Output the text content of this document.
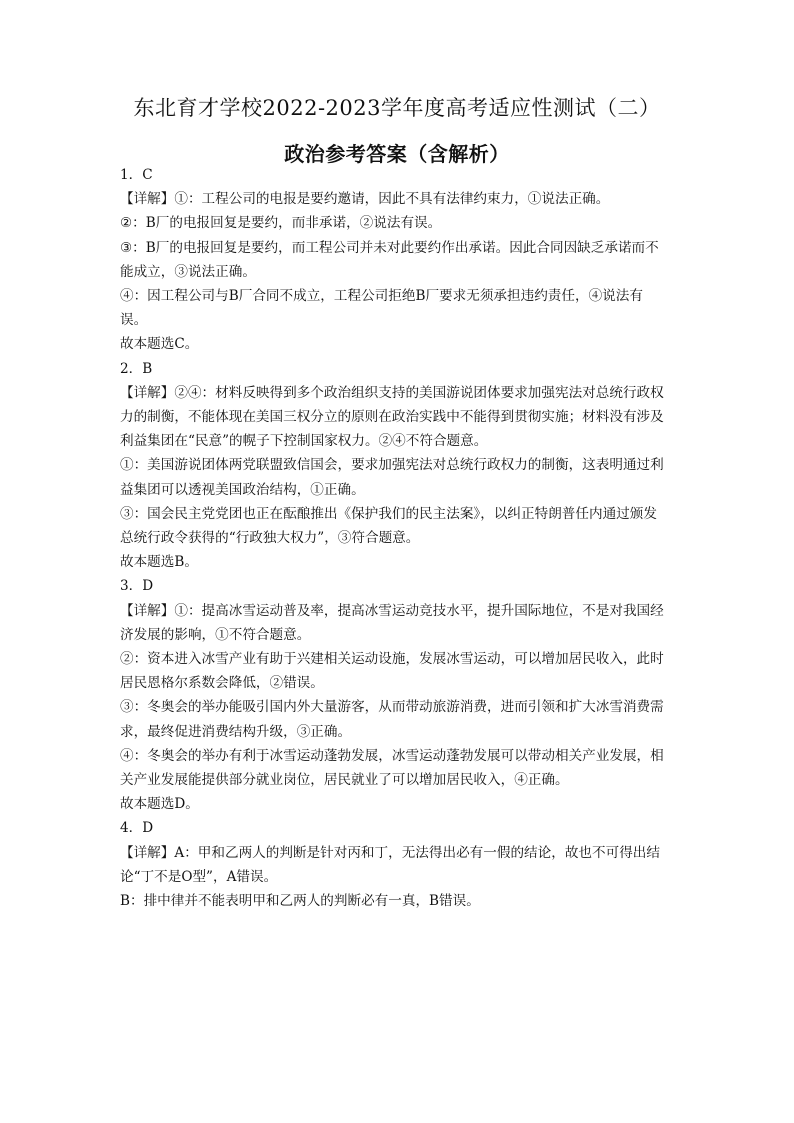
东北育才学校2022-2023学年度高考适应性测试（二）
政治参考答案（含解析）
1．C
【详解】①：工程公司的电报是要约邀请，因此不具有法律约束力，①说法正确。
②：B厂的电报回复是要约，而非承诺，②说法有误。
③：B厂的电报回复是要约，而工程公司并未对此要约作出承诺。因此合同因缺乏承诺而不
能成立，③说法正确。
④：因工程公司与B厂合同不成立，工程公司拒绝B厂要求无须承担违约责任，④说法有
误。
故本题选C。
2．B
【详解】②④：材料反映得到多个政治组织支持的美国游说团体要求加强宪法对总统行政权
力的制衡，不能体现在美国三权分立的原则在政治实践中不能得到贯彻实施；材料没有涉及
利益集团在“民意”的幌子下控制国家权力。②④不符合题意。
①：美国游说团体两党联盟致信国会，要求加强宪法对总统行政权力的制衡，这表明通过利
益集团可以透视美国政治结构，①正确。
③：国会民主党党团也正在酝酿推出《保护我们的民主法案》，以纠正特朗普任内通过颁发
总统行政令获得的“行政独大权力”，③符合题意。
故本题选B。
3．D
【详解】①：提高冰雪运动普及率，提高冰雪运动竞技水平，提升国际地位，不是对我国经
济发展的影响，①不符合题意。
②：资本进入冰雪产业有助于兴建相关运动设施，发展冰雪运动，可以增加居民收入，此时
居民恩格尔系数会降低，②错误。
③：冬奥会的举办能吸引国内外大量游客，从而带动旅游消费，进而引领和扩大冰雪消费需
求，最终促进消费结构升级，③正确。
④：冬奥会的举办有利于冰雪运动蓬勃发展，冰雪运动蓬勃发展可以带动相关产业发展，相
关产业发展能提供部分就业岗位，居民就业了可以增加居民收入，④正确。
故本题选D。
4．D
【详解】A：甲和乙两人的判断是针对丙和丁，无法得出必有一假的结论，故也不可得出结
论“丁不是O型”，A错误。
B：排中律并不能表明甲和乙两人的判断必有一真，B错误。
